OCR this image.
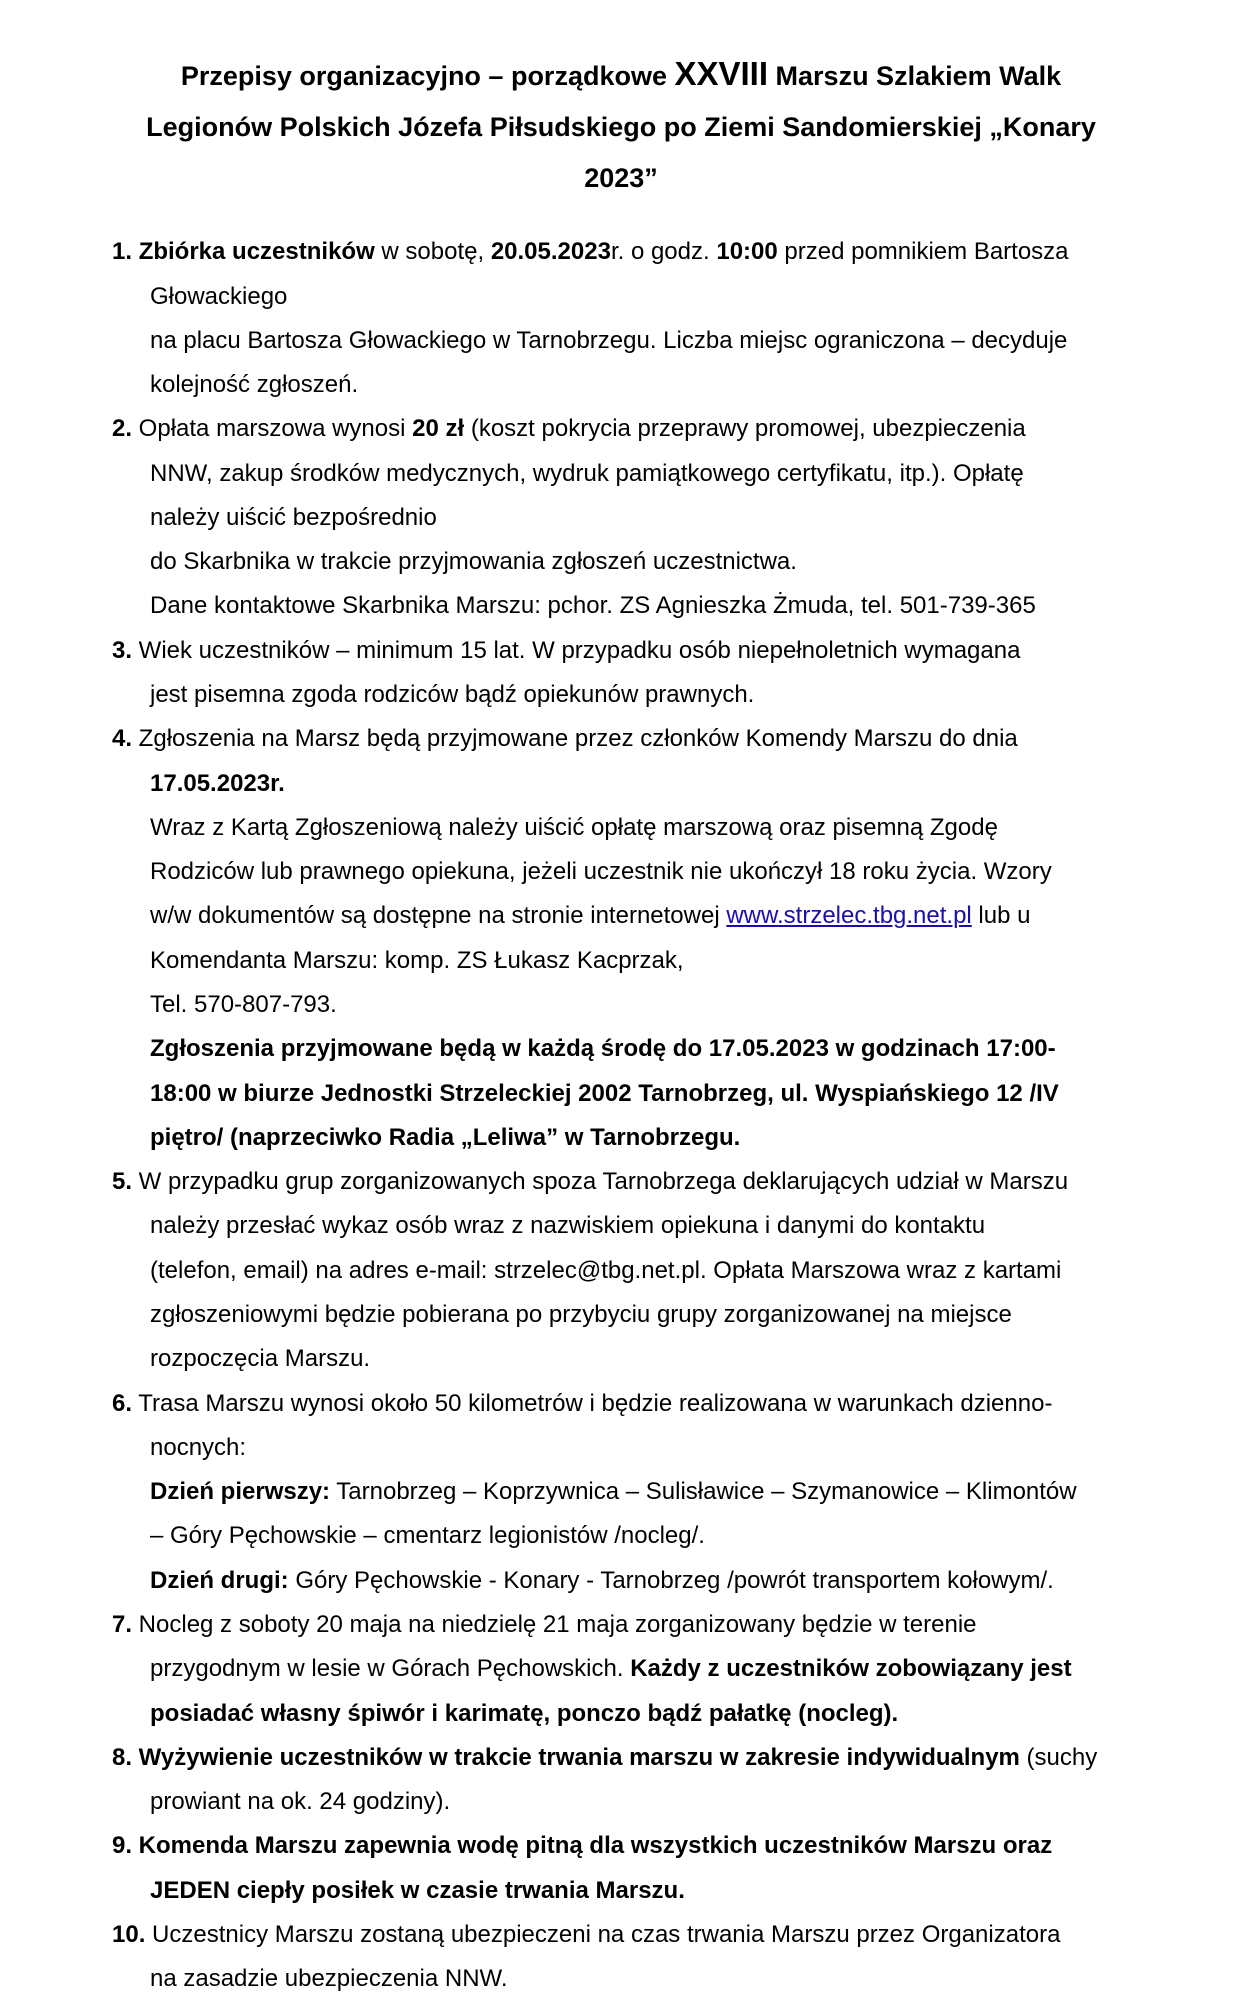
Przepisy organizacyjno – porządkowe XXVIII Marszu Szlakiem Walk
Legionów Polskich Józefa Piłsudskiego po Ziemi Sandomierskiej „Konary
2023”
1. Zbiórka uczestników w sobotę, 20.05.2023r. o godz. 10:00 przed pomnikiem Bartosza
Głowackiego
na placu Bartosza Głowackiego w Tarnobrzegu. Liczba miejsc ograniczona – decyduje
kolejność zgłoszeń.
2. Opłata marszowa wynosi 20 zł (koszt pokrycia przeprawy promowej, ubezpieczenia
NNW, zakup środków medycznych, wydruk pamiątkowego certyfikatu, itp.). Opłatę
należy uiścić bezpośrednio
do Skarbnika w trakcie przyjmowania zgłoszeń uczestnictwa.
Dane kontaktowe Skarbnika Marszu: pchor. ZS Agnieszka Żmuda, tel. 501-739-365
3. Wiek uczestników – minimum 15 lat. W przypadku osób niepełnoletnich wymagana
jest pisemna zgoda rodziców bądź opiekunów prawnych.
4. Zgłoszenia na Marsz będą przyjmowane przez członków Komendy Marszu do dnia
17.05.2023r.
Wraz z Kartą Zgłoszeniową należy uiścić opłatę marszową oraz pisemną Zgodę
Rodziców lub prawnego opiekuna, jeżeli uczestnik nie ukończył 18 roku życia. Wzory
w/w dokumentów są dostępne na stronie internetowej www.strzelec.tbg.net.pl lub u
Komendanta Marszu: komp. ZS Łukasz Kacprzak,
Tel. 570-807-793.
Zgłoszenia przyjmowane będą w każdą środę do 17.05.2023 w godzinach 17:00-
18:00 w biurze Jednostki Strzeleckiej 2002 Tarnobrzeg, ul. Wyspiańskiego 12 /IV
piętro/ (naprzeciwko Radia „Leliwa” w Tarnobrzegu.
5. W przypadku grup zorganizowanych spoza Tarnobrzega deklarujących udział w Marszu
należy przesłać wykaz osób wraz z nazwiskiem opiekuna i danymi do kontaktu
(telefon, email) na adres e-mail: strzelec@tbg.net.pl. Opłata Marszowa wraz z kartami
zgłoszeniowymi będzie pobierana po przybyciu grupy zorganizowanej na miejsce
rozpoczęcia Marszu.
6. Trasa Marszu wynosi około 50 kilometrów i będzie realizowana w warunkach dzienno-
nocnych:
Dzień pierwszy: Tarnobrzeg – Koprzywnica – Sulisławice – Szymanowice – Klimontów
– Góry Pęchowskie – cmentarz legionistów /nocleg/.
Dzień drugi: Góry Pęchowskie - Konary - Tarnobrzeg /powrót transportem kołowym/.
7. Nocleg z soboty 20 maja na niedzielę 21 maja zorganizowany będzie w terenie
przygodnym w lesie w Górach Pęchowskich. Każdy z uczestników zobowiązany jest
posiadać własny śpiwór i karimatę, ponczo bądź pałatkę (nocleg).
8. Wyżywienie uczestników w trakcie trwania marszu w zakresie indywidualnym (suchy
prowiant na ok. 24 godziny).
9. Komenda Marszu zapewnia wodę pitną dla wszystkich uczestników Marszu oraz
JEDEN ciepły posiłek w czasie trwania Marszu.
10. Uczestnicy Marszu zostaną ubezpieczeni na czas trwania Marszu przez Organizatora
na zasadzie ubezpieczenia NNW.
